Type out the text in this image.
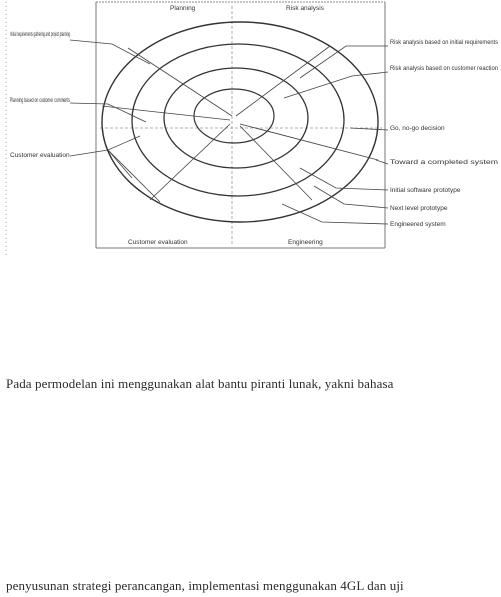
Planning	Risk analysis
Customer evaluation	Engineering
Initial requirements gathering and project planning
Planning based on customer comments
Customer evaluation
Risk analysis based on initial requirements
Risk analysis based on customer reaction
Go, no-go decision
Toward a completed system
Initial software prototype
Next level prototype
Engineered system
Pada permodelan ini menggunakan alat bantu piranti lunak, yakni bahasa
penyusunan strategi perancangan, implementasi menggunakan 4GL dan uji
